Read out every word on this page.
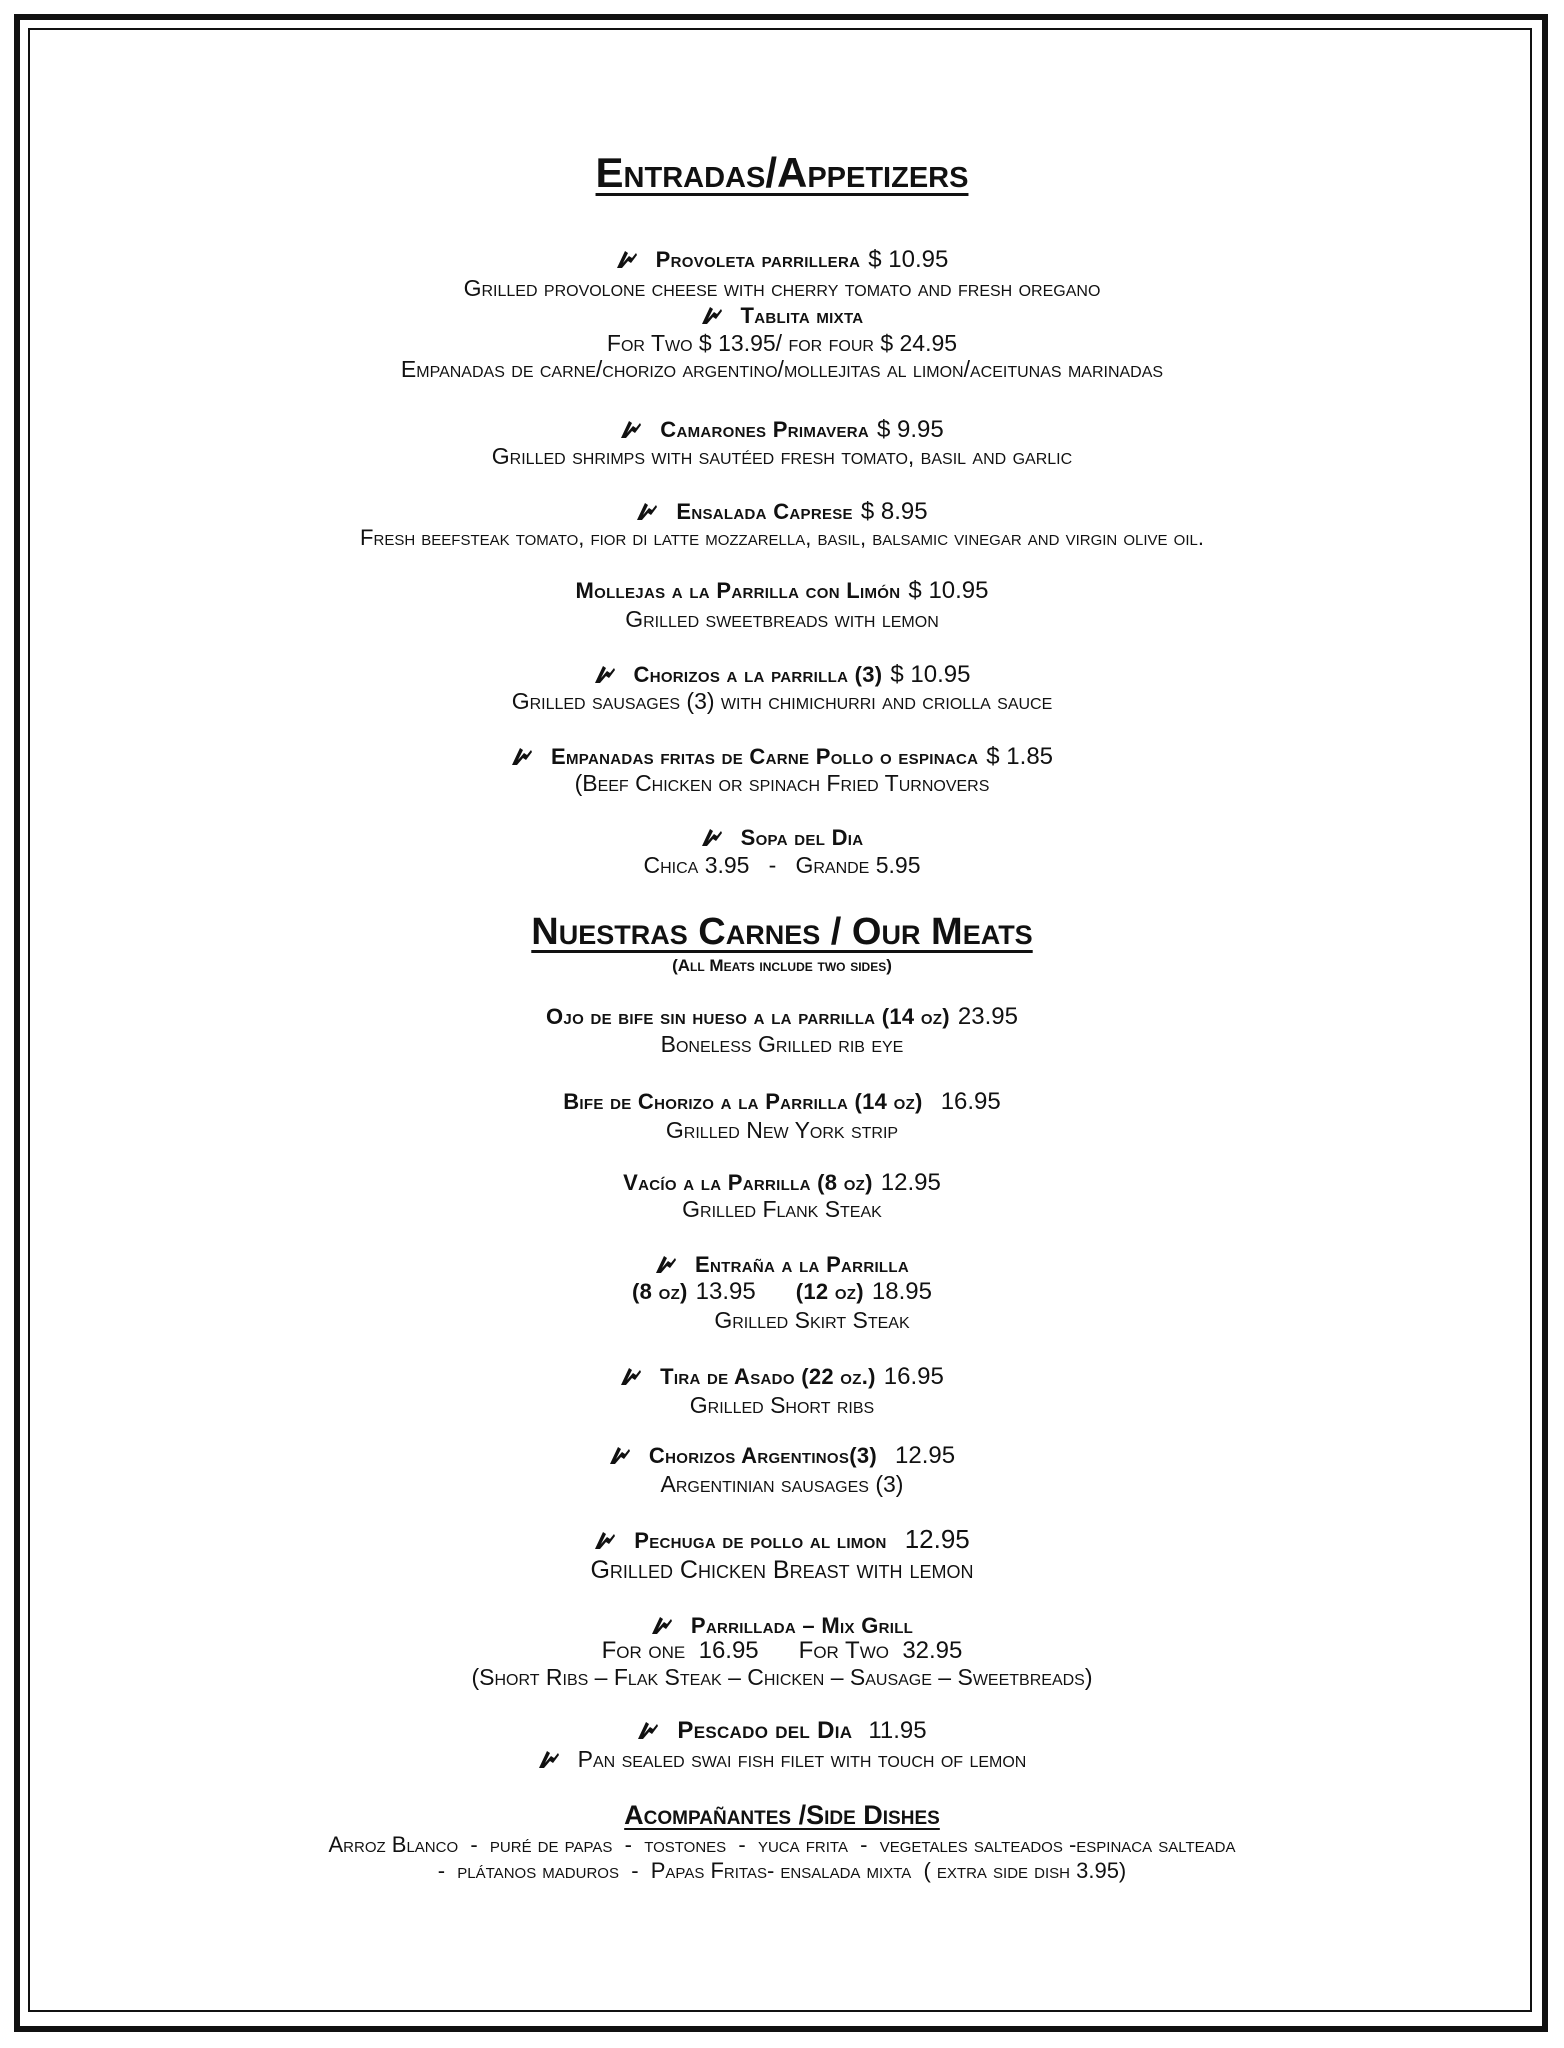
Entradas/Appetizers
Provoleta parrillera $ 10.95
Grilled provolone cheese with cherry tomato and fresh oregano
Tablita mixta
For Two $ 13.95/ for four $ 24.95
Empanadas de carne/chorizo argentino/mollejitas al limon/aceitunas marinadas
Camarones Primavera $ 9.95
Grilled shrimps with sautéed fresh tomato, basil and garlic
Ensalada Caprese $ 8.95
Fresh beefsteak tomato, fior di latte mozzarella, basil, balsamic vinegar and virgin olive oil.
Mollejas a la Parrilla con Limón $ 10.95
Grilled sweetbreads with lemon
Chorizos a la parrilla (3) $ 10.95
Grilled sausages (3) with chimichurri and criolla sauce
Empanadas fritas de Carne Pollo o espinaca $ 1.85
(Beef Chicken or spinach Fried Turnovers
Sopa del Dia
Chica 3.95   -   Grande 5.95
Nuestras Carnes / Our Meats
(All Meats include two sides)
Ojo de bife sin hueso a la parrilla (14 oz) 23.95
Boneless Grilled rib eye
Bife de Chorizo a la Parrilla (14 oz) 16.95
Grilled New York strip
Vacío a la Parrilla (8 oz) 12.95
Grilled Flank Steak
Entraña a la Parrilla
(8 oz) 13.95 (12 oz) 18.95
Grilled Skirt Steak
Tira de Asado (22 oz.) 16.95
Grilled Short ribs
Chorizos Argentinos(3) 12.95
Argentinian sausages (3)
Pechuga de pollo al limon 12.95
Grilled Chicken Breast with lemon
Parrillada – Mix Grill
For one  16.95      For Two  32.95
(Short Ribs – Flak Steak – Chicken – Sausage – Sweetbreads)
Pescado del Dia 11.95
Pan sealed swai fish filet with touch of lemon
Acompañantes /Side Dishes
Arroz Blanco  -  puré de papas  -  tostones  -  yuca frita  -  vegetales salteados -espinaca salteada
-  plátanos maduros  -  Papas Fritas- ensalada mixta  ( extra side dish 3.95)
